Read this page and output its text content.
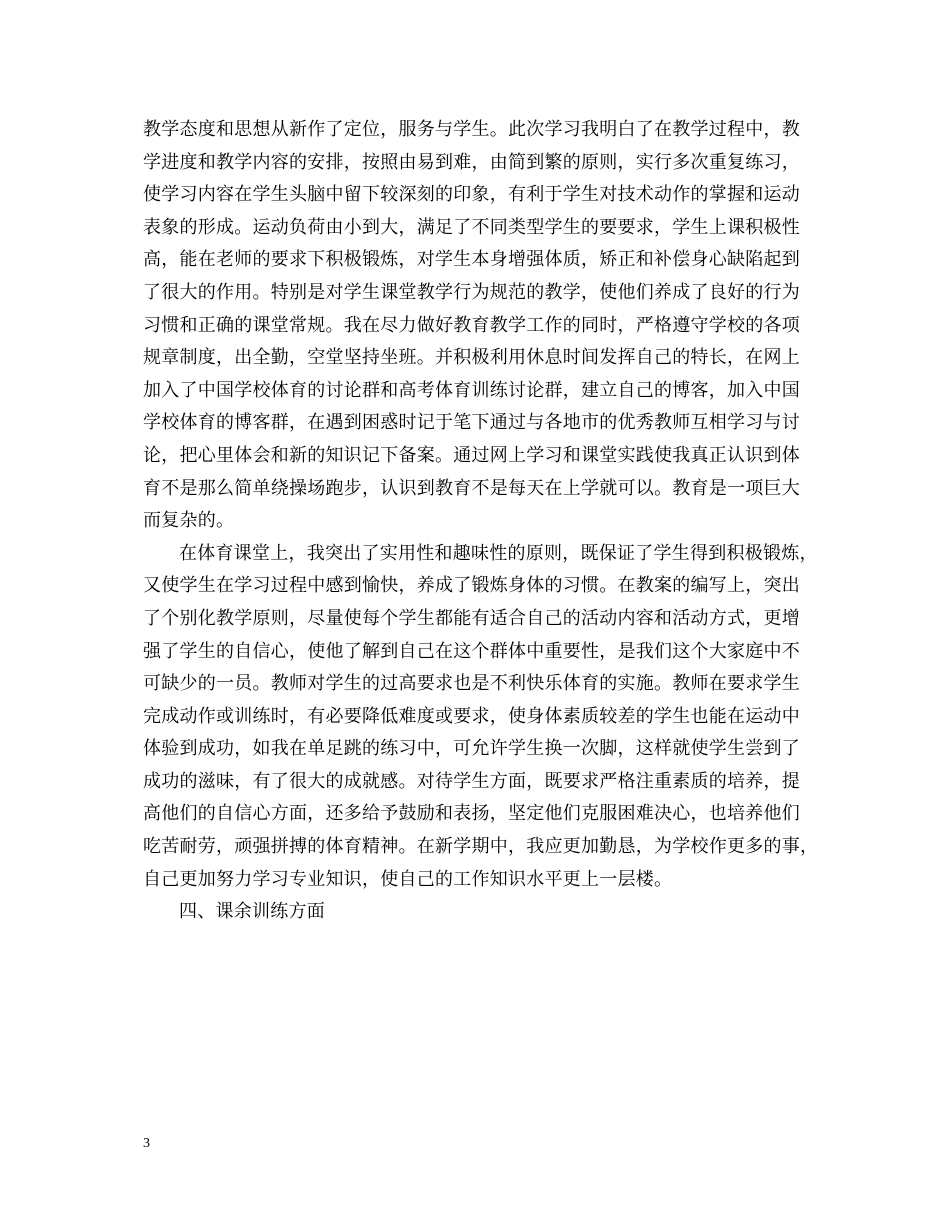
教学态度和思想从新作了定位，服务与学生。此次学习我明白了在教学过程中，教
学进度和教学内容的安排，按照由易到难，由简到繁的原则，实行多次重复练习，
使学习内容在学生头脑中留下较深刻的印象，有利于学生对技术动作的掌握和运动
表象的形成。运动负荷由小到大，满足了不同类型学生的要要求，学生上课积极性
高，能在老师的要求下积极锻炼，对学生本身增强体质，矫正和补偿身心缺陷起到
了很大的作用。特别是对学生课堂教学行为规范的教学，使他们养成了良好的行为
习惯和正确的课堂常规。我在尽力做好教育教学工作的同时，严格遵守学校的各项
规章制度，出全勤，空堂坚持坐班。并积极利用休息时间发挥自己的特长，在网上
加入了中国学校体育的讨论群和高考体育训练讨论群，建立自己的博客，加入中国
学校体育的博客群，在遇到困惑时记于笔下通过与各地市的优秀教师互相学习与讨
论，把心里体会和新的知识记下备案。通过网上学习和课堂实践使我真正认识到体
育不是那么简单绕操场跑步，认识到教育不是每天在上学就可以。教育是一项巨大
而复杂的。
在体育课堂上，我突出了实用性和趣味性的原则，既保证了学生得到积极锻炼，
又使学生在学习过程中感到愉快，养成了锻炼身体的习惯。在教案的编写上，突出
了个别化教学原则，尽量使每个学生都能有适合自己的活动内容和活动方式，更增
强了学生的自信心，使他了解到自己在这个群体中重要性，是我们这个大家庭中不
可缺少的一员。教师对学生的过高要求也是不利快乐体育的实施。教师在要求学生
完成动作或训练时，有必要降低难度或要求，使身体素质较差的学生也能在运动中
体验到成功，如我在单足跳的练习中，可允许学生换一次脚，这样就使学生尝到了
成功的滋味，有了很大的成就感。对待学生方面，既要求严格注重素质的培养，提
高他们的自信心方面，还多给予鼓励和表扬，坚定他们克服困难决心，也培养他们
吃苦耐劳，顽强拼搏的体育精神。在新学期中，我应更加勤恳，为学校作更多的事，
自己更加努力学习专业知识，使自己的工作知识水平更上一层楼。
四、课余训练方面
3
